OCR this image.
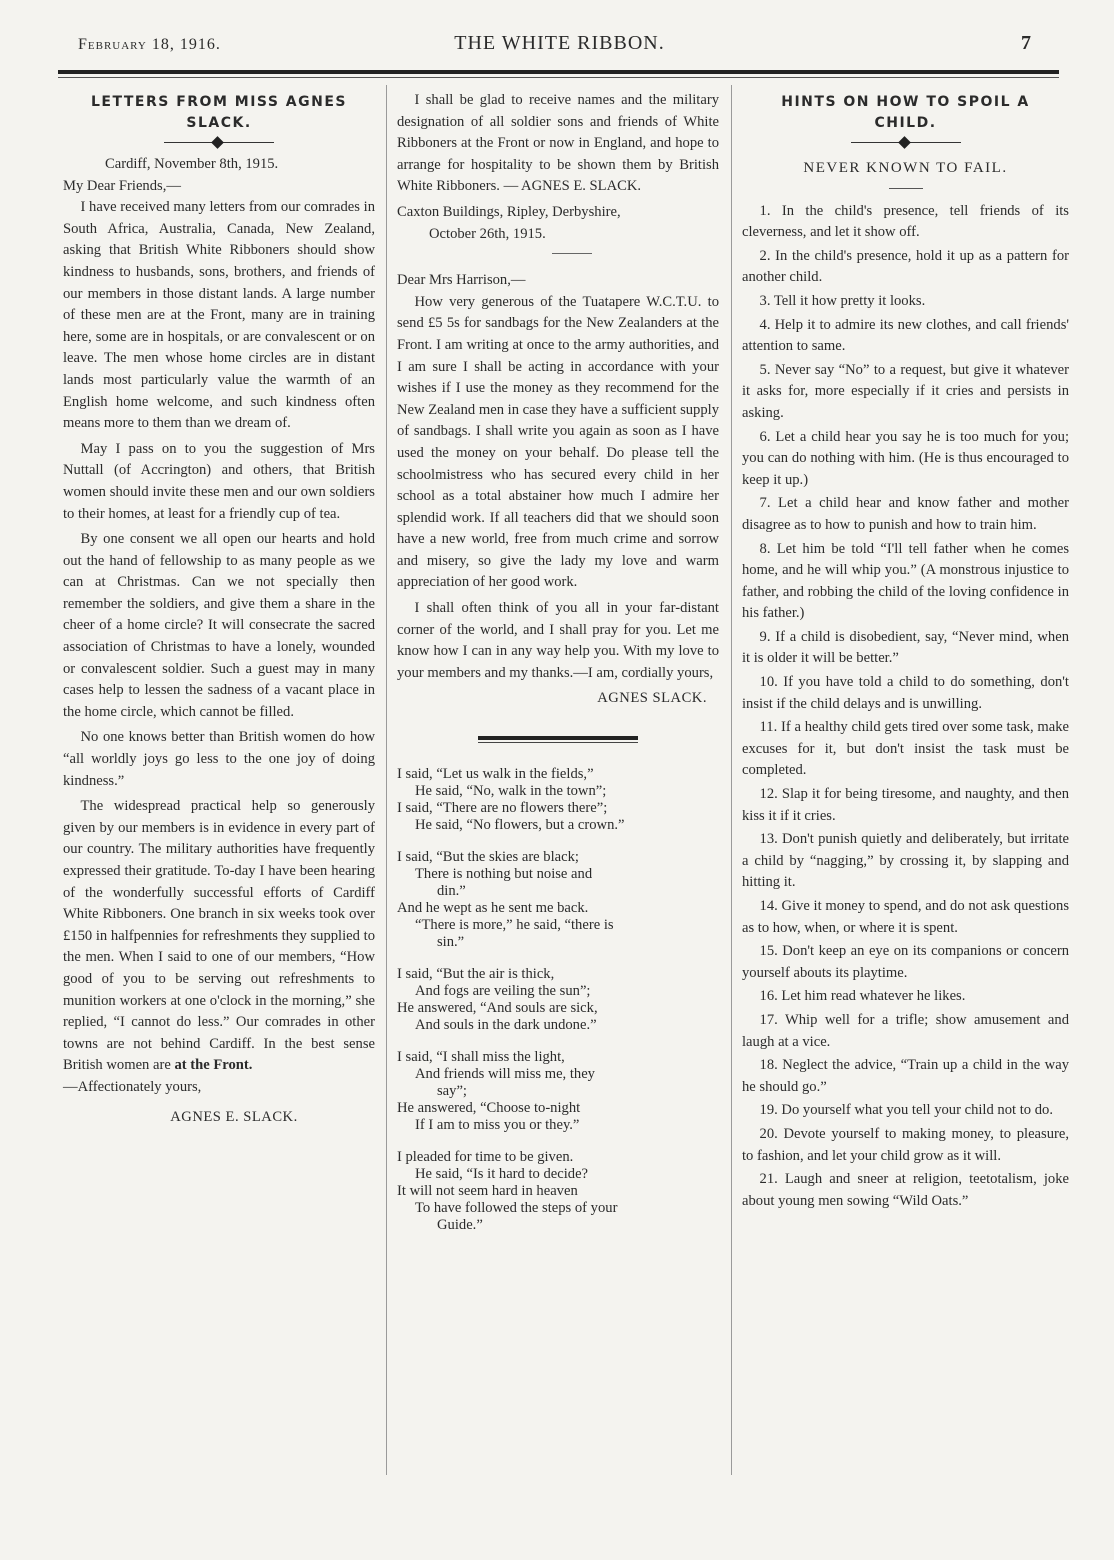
February 18, 1916.	THE WHITE RIBBON.	7
LETTERS FROM MISS AGNES
SLACK.
Cardiff, November 8th, 1915.
My Dear Friends,—

I have received many letters from our comrades in South Africa, Australia, Canada, New Zealand, asking that British White Ribboners should show kindness to husbands, sons, brothers, and friends of our members in those distant lands. A large number of these men are at the Front, many are in training here, some are in hospitals, or are convalescent or on leave. The men whose home circles are in distant lands most particularly value the warmth of an English home welcome, and such kindness often means more to them than we dream of.

May I pass on to you the suggestion of Mrs Nuttall (of Accrington) and others, that British women should invite these men and our own soldiers to their homes, at least for a friendly cup of tea.

By one consent we all open our hearts and hold out the hand of fellowship to as many people as we can at Christmas. Can we not specially then remember the soldiers, and give them a share in the cheer of a home circle? It will consecrate the sacred association of Christmas to have a lonely, wounded or convalescent soldier. Such a guest may in many cases help to lessen the sadness of a vacant place in the home circle, which cannot be filled.

No one knows better than British women do how “all worldly joys go less to the one joy of doing kindness.”

The widespread practical help so generously given by our members is in evidence in every part of our country. The military authorities have frequently expressed their gratitude. To-day I have been hearing of the wonderfully successful efforts of Cardiff White Ribboners. One branch in six weeks took over £150 in halfpennies for refreshments they supplied to the men. When I said to one of our members, “How good of you to be serving out refreshments to munition workers at one o'clock in the morning,” she replied, “I cannot do less.” Our comrades in other towns are not behind Cardiff. In the best sense British women are at the Front.

—Affectionately yours,
AGNES E. SLACK.

I shall be glad to receive names and the military designation of all soldier sons and friends of White Ribboners at the Front or now in England, and hope to arrange for hospitality to be shown them by British White Ribboners. — AGNES E. SLACK.

Caxton Buildings, Ripley, Derbyshire,
October 26th, 1915.
Dear Mrs Harrison,—

How very generous of the Tuatapere W.C.T.U. to send £5 5s for sandbags for the New Zealanders at the Front. I am writing at once to the army authorities, and I am sure I shall be acting in accordance with your wishes if I use the money as they recommend for the New Zealand men in case they have a sufficient supply of sandbags. I shall write you again as soon as I have used the money on your behalf. Do please tell the schoolmistress who has secured every child in her school as a total abstainer how much I admire her splendid work. If all teachers did that we should soon have a new world, free from much crime and sorrow and misery, so give the lady my love and warm appreciation of her good work.

I shall often think of you all in your far-distant corner of the world, and I shall pray for you. Let me know how I can in any way help you. With my love to your members and my thanks.—I am, cordially yours,

AGNES SLACK.
I said, “Let us walk in the fields,”
He said, “No, walk in the town”;
I said, “There are no flowers there”;
He said, “No flowers, but a crown.”
I said, “But the skies are black;
There is nothing but noise and
din.”
And he wept as he sent me back.
“There is more,” he said, “there is
sin.”
I said, “But the air is thick,
And fogs are veiling the sun”;
He answered, “And souls are sick,
And souls in the dark undone.”
I said, “I shall miss the light,
And friends will miss me, they
say”;
He answered, “Choose to-night
If I am to miss you or they.”
I pleaded for time to be given.
He said, “Is it hard to decide?
It will not seem hard in heaven
To have followed the steps of your
Guide.”
HINTS ON HOW TO SPOIL A
CHILD.
NEVER KNOWN TO FAIL.

1. In the child's presence, tell friends of its cleverness, and let it show off.

2. In the child's presence, hold it up as a pattern for another child.

3. Tell it how pretty it looks.

4. Help it to admire its new clothes, and call friends' attention to same.

5. Never say “No” to a request, but give it whatever it asks for, more especially if it cries and persists in asking.

6. Let a child hear you say he is too much for you; you can do nothing with him. (He is thus encouraged to keep it up.)

7. Let a child hear and know father and mother disagree as to how to punish and how to train him.

8. Let him be told “I'll tell father when he comes home, and he will whip you.” (A monstrous injustice to father, and robbing the child of the loving confidence in his father.)

9. If a child is disobedient, say, “Never mind, when it is older it will be better.”

10. If you have told a child to do something, don't insist if the child delays and is unwilling.

11. If a healthy child gets tired over some task, make excuses for it, but don't insist the task must be completed.

12. Slap it for being tiresome, and naughty, and then kiss it if it cries.

13. Don't punish quietly and deliberately, but irritate a child by “nagging,” by crossing it, by slapping and hitting it.

14. Give it money to spend, and do not ask questions as to how, when, or where it is spent.

15. Don't keep an eye on its companions or concern yourself abouts its playtime.

16. Let him read whatever he likes.

17. Whip well for a trifle; show amusement and laugh at a vice.

18. Neglect the advice, “Train up a child in the way he should go.”

19. Do yourself what you tell your child not to do.

20. Devote yourself to making money, to pleasure, to fashion, and let your child grow as it will.

21. Laugh and sneer at religion, teetotalism, joke about young men sowing “Wild Oats.”
